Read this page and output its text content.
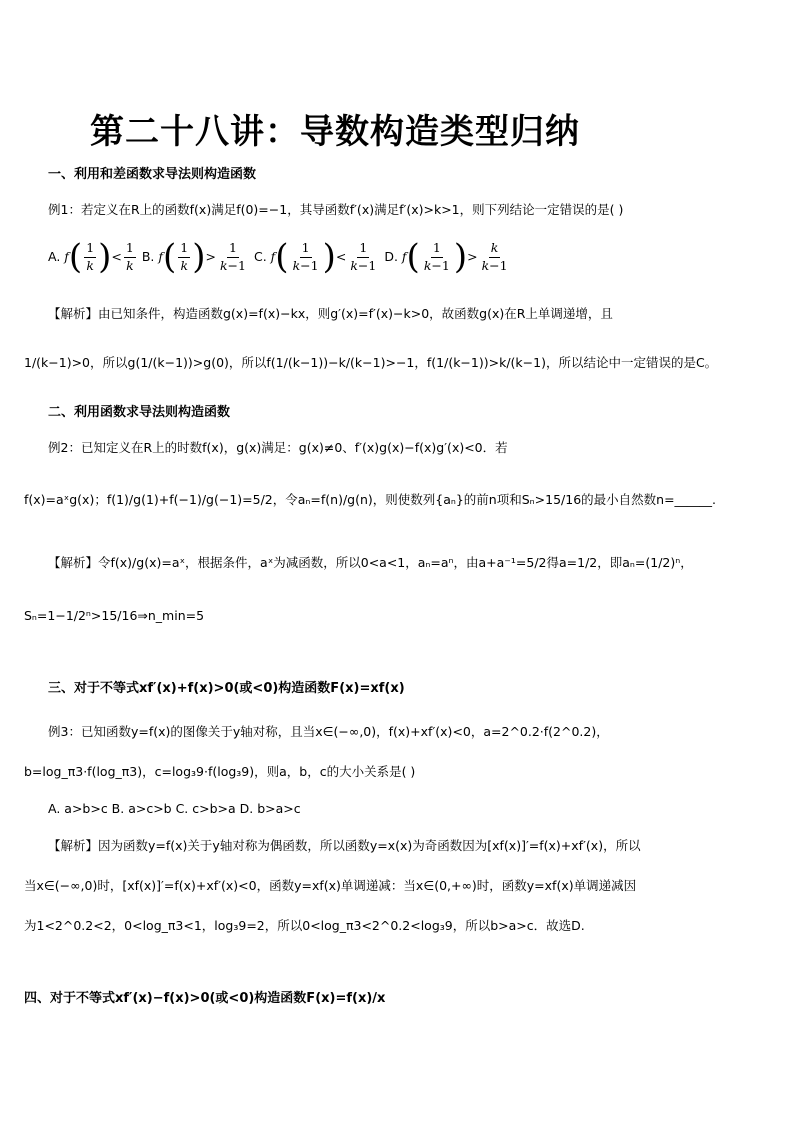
第二十八讲：导数构造类型归纳
一、利用和差函数求导法则构造函数
例1：若定义在R上的函数f(x)满足f(0)=−1，其导函数f′(x)满足f′(x)>k>1，则下列结论一定错误的是( )
A. $f( \frac{1}{k}$ )< $\frac{1}{k} B$. $f( \frac{1}{k}$ )> $\frac{1}{k-1} C$. $f( \frac{1}{k-1}$ )< $\frac{1}{k-1} D$. $f( \frac{1}{k-1}$ )> $\frac{k}{k-1}$
【解析】由已知条件，构造函数g(x)=f(x)−kx，则g′(x)=f′(x)−k>0，故函数g(x)在R上单调递增，且
1/(k−1)>0，所以g(1/(k−1))>g(0)，所以f(1/(k−1))−k/(k−1)>−1，f(1/(k−1))>k/(k−1)，所以结论中一定错误的是C。
二、利用函数求导法则构造函数
例2：已知定义在R上的时数f(x)，g(x)满足：g(x)≠0、f′(x)g(x)−f(x)g′(x)<0．若
f(x)=aˣg(x)；f(1)/g(1)+f(−1)/g(−1)=5/2，令aₙ=f(n)/g(n)，则使数列{aₙ}的前n项和Sₙ>15/16的最小自然数n=______.
【解析】令f(x)/g(x)=aˣ，根据条件，aˣ为减函数，所以0<a<1，aₙ=aⁿ，由a+a⁻¹=5/2得a=1/2，即aₙ=(1/2)ⁿ，
Sₙ=1−1/2ⁿ>15/16⇒n_min=5
三、对于不等式xf′(x)+f(x)>0(或<0)构造函数F(x)=xf(x)
例3：已知函数y=f(x)的图像关于y轴对称，且当x∈(−∞,0)，f(x)+xf′(x)<0，a=2^0.2·f(2^0.2)，
b=log_π3·f(log_π3)，c=log₃9·f(log₃9)，则a，b，c的大小关系是( )
A. a>b>c B. a>c>b C. c>b>a D. b>a>c
【解析】因为函数y=f(x)关于y轴对称为偶函数，所以函数y=x(x)为奇函数因为[xf(x)]′=f(x)+xf′(x)，所以
当x∈(−∞,0)时，[xf(x)]′=f(x)+xf′(x)<0，函数y=xf(x)单调递减：当x∈(0,+∞)时，函数y=xf(x)单调递减因
为1<2^0.2<2，0<log_π3<1，log₃9=2，所以0<log_π3<2^0.2<log₃9，所以b>a>c．故选D.
四、对于不等式xf′(x)−f(x)>0(或<0)构造函数F(x)=f(x)/x
